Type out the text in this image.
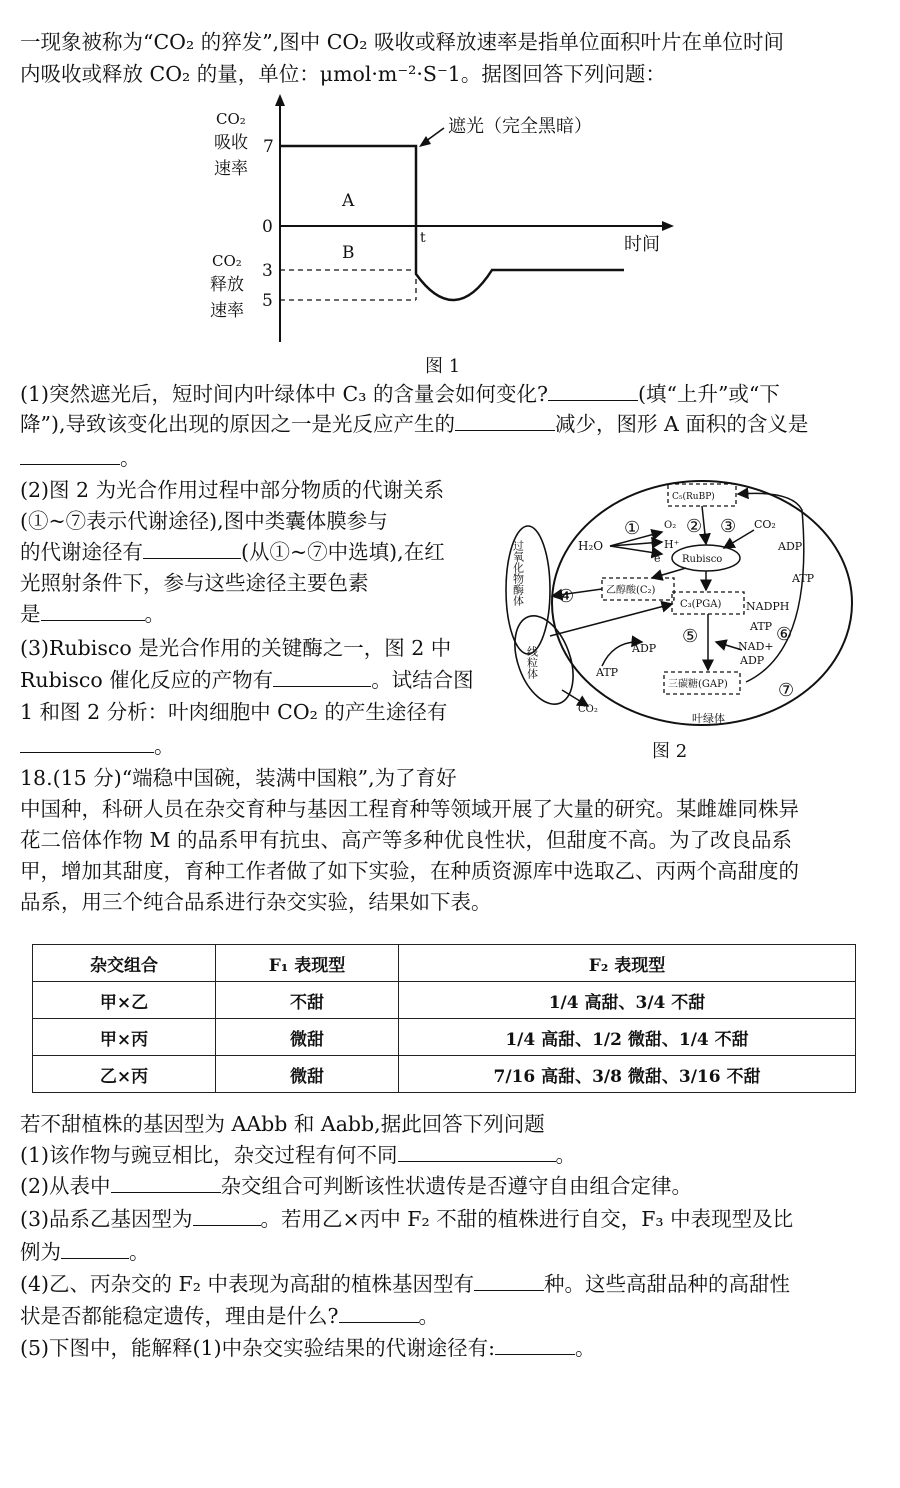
一现象被称为“CO₂ 的猝发”,图中 CO₂ 吸收或释放速率是指单位面积叶片在单位时间
内吸收或释放 CO₂ 的量，单位：μmol·m⁻²·S⁻1。据图回答下列问题：
CO₂
吸收
速率
CO₂
释放
速率
7
0
3
5
A
B
t	时间
遮光（完全黑暗）
图 1
(1)突然遮光后，短时间内叶绿体中 C₃ 的含量会如何变化?	(填“上升”或“下
降”),导致该变化出现的原因之一是光反应产生的	减少，图形 A 面积的含义是
。
(2)图 2 为光合作用过程中部分物质的代谢关系
(①~⑦表示代谢途径),图中类囊体膜参与
的代谢途径有	(从①~⑦中选填),在红
光照射条件下，参与这些途径主要色素
是	。
(3)Rubisco 是光合作用的关键酶之一，图 2 中
Rubisco 催化反应的产物有	。试结合图
1 和图 2 分析：叶肉细胞中 CO₂ 的产生途径有
。
C₅(RuBP)
H₂O
O₂
H⁺
e
CO₂
ADP
ATP
Rubisco
乙醇酸(C₂)
C₃(PGA) NADPH
ATP
NAD+
ADP
ADP
ATP
三碳糖(GAP)
CO₂
叶绿体
过氧化物酶体
线粒体
①	② ③
④
⑤	⑥
⑦
图 2
18.(15 分)“端稳中国碗，装满中国粮”,为了育好
中国种，科研人员在杂交育种与基因工程育种等领域开展了大量的研究。某雌雄同株异
花二倍体作物 M 的品系甲有抗虫、高产等多种优良性状，但甜度不高。为了改良品系
甲，增加其甜度，育种工作者做了如下实验，在种质资源库中选取乙、丙两个高甜度的
品系，用三个纯合品系进行杂交实验，结果如下表。
杂交组合	F₁ 表现型	F₂ 表现型
甲×乙	不甜	1/4 高甜、3/4 不甜
甲×丙	微甜	1/4 高甜、1/2 微甜、1/4 不甜
乙×丙	微甜	7/16 高甜、3/8 微甜、3/16 不甜
若不甜植株的基因型为 AAbb 和 Aabb,据此回答下列问题
(1)该作物与豌豆相比，杂交过程有何不同	。
(2)从表中	杂交组合可判断该性状遗传是否遵守自由组合定律。
(3)品系乙基因型为	。若用乙×丙中 F₂ 不甜的植株进行自交，F₃ 中表现型及比
例为	。
(4)乙、丙杂交的 F₂ 中表现为高甜的植株基因型有	种。这些高甜品种的高甜性
状是否都能稳定遗传，理由是什么?	。
(5)下图中，能解释(1)中杂交实验结果的代谢途径有:	。
